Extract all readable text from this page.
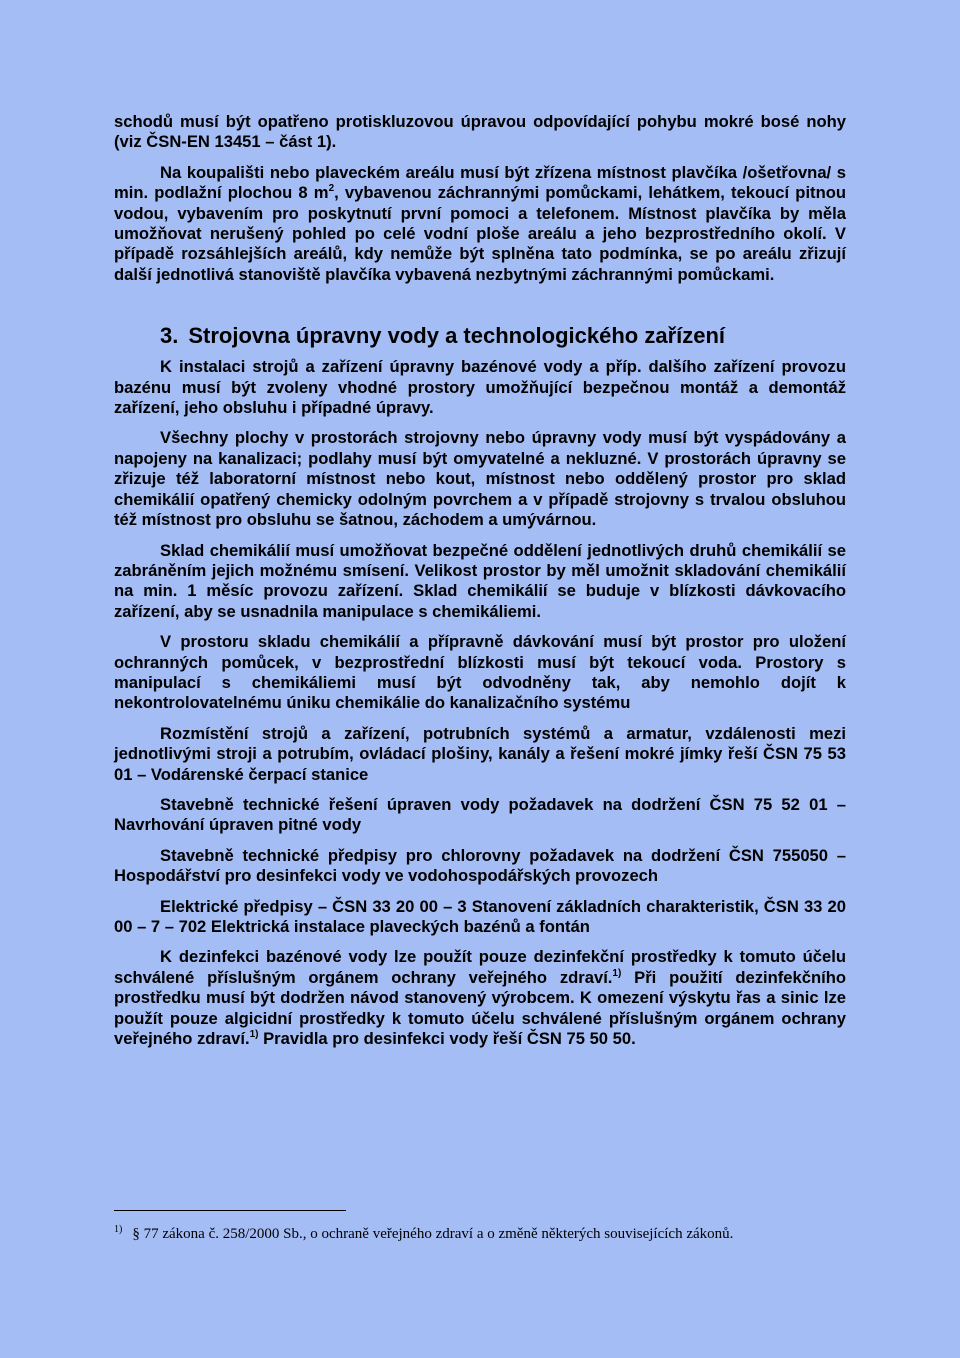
schodů musí být opatřeno protiskluzovou úpravou odpovídající pohybu mokré bosé nohy (viz ČSN-EN 13451 – část 1).

Na koupališti nebo plaveckém areálu musí být zřízena místnost plavčíka /ošetřovna/ s min. podlažní plochou 8 $m^2$, vybavenou záchrannými pomůckami, lehátkem, tekoucí pitnou vodou, vybavením pro poskytnutí první pomoci a telefonem. Místnost plavčíka by měla umožňovat nerušený pohled po celé vodní ploše areálu a jeho bezprostředního okolí. V případě rozsáhlejších areálů, kdy nemůže být splněna tato podmínka, se po areálu zřizují další jednotlivá stanoviště plavčíka vybavená nezbytnými záchrannými pomůckami.

3. Strojovna úpravny vody a technologického zařízení

K instalaci strojů a zařízení úpravny bazénové vody a příp. dalšího zařízení provozu bazénu musí být zvoleny vhodné prostory umožňující bezpečnou montáž a demontáž zařízení, jeho obsluhu i případné úpravy.

Všechny plochy v prostorách strojovny nebo úpravny vody musí být vyspádovány a napojeny na kanalizaci; podlahy musí být omyvatelné a nekluzné. V prostorách úpravny se zřizuje též laboratorní místnost nebo kout, místnost nebo oddělený prostor pro sklad chemikálií opatřený chemicky odolným povrchem a v případě strojovny s trvalou obsluhou též místnost pro obsluhu se šatnou, záchodem a umývárnou.

Sklad chemikálií musí umožňovat bezpečné oddělení jednotlivých druhů chemikálií se zabráněním jejich možnému smísení. Velikost prostor by měl umožnit skladování chemikálií na min. 1 měsíc provozu zařízení. Sklad chemikálií se buduje v blízkosti dávkovacího zařízení, aby se usnadnila manipulace s chemikáliemi.

V prostoru skladu chemikálií a přípravně dávkování musí být prostor pro uložení ochranných pomůcek, v bezprostřední blízkosti musí být tekoucí voda. Prostory s manipulací s chemikáliemi musí být odvodněny tak, aby nemohlo dojít k nekontrolovatelnému úniku chemikálie do kanalizačního systému

Rozmístění strojů a zařízení, potrubních systémů a armatur, vzdálenosti mezi jednotlivými stroji a potrubím, ovládací plošiny, kanály a řešení mokré jímky řeší ČSN 75 53 01 – Vodárenské čerpací stanice

Stavebně technické řešení úpraven vody požadavek na dodržení ČSN 75 52 01 – Navrhování úpraven pitné vody

Stavebně technické předpisy pro chlorovny požadavek na dodržení ČSN 755050 – Hospodářství pro desinfekci vody ve vodohospodářských provozech

Elektrické předpisy – ČSN 33 20 00 – 3 Stanovení základních charakteristik, ČSN 33 20 00 – 7 – 702 Elektrická instalace plaveckých bazénů a fontán

K dezinfekci bazénové vody lze použít pouze dezinfekční prostředky k tomuto účelu schválené příslušným orgánem ochrany veřejného zdraví.$^{1)}$ Při použití dezinfekčního prostředku musí být dodržen návod stanovený výrobcem. K omezení výskytu řas a sinic lze použít pouze algicidní prostředky k tomuto účelu schválené příslušným orgánem ochrany veřejného zdraví.$^{1)}$ Pravidla pro desinfekci vody řeší ČSN 75 50 50.

$^{1)}$ § 77 zákona č. 258/2000 Sb., o ochraně veřejného zdraví a o změně některých souvisejících zákonů.
